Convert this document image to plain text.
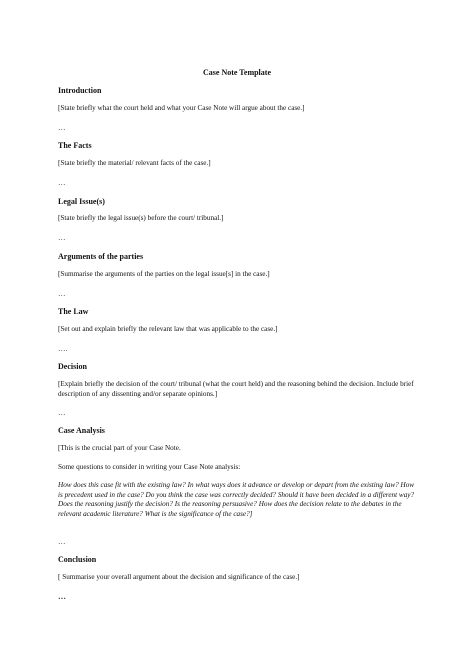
Case Note Template
Introduction
[State briefly what the court held and what your Case Note will argue about the case.]
…
The Facts
[State briefly the material/ relevant facts of the case.]
…
Legal Issue(s)
[State briefly the legal issue(s) before the court/ tribunal.]
…
Arguments of the parties
[Summarise the arguments of the parties on the legal issue[s] in the case.]
…
The Law
[Set out and explain briefly the relevant law that was applicable to the case.]
….
Decision
[Explain briefly the decision of the court/ tribunal (what the court held) and the reasoning behind the decision. Include brief description of any dissenting and/or separate opinions.]
…
Case Analysis
[This is the crucial part of your Case Note.
Some questions to consider in writing your Case Note analysis:
How does this case fit with the existing law? In what ways does it advance or develop or depart from the existing law? How is precedent used in the case? Do you think the case was correctly decided? Should it have been decided in a different way? Does the reasoning justify the decision? Is the reasoning persuasive? How does the decision relate to the debates in the relevant academic literature? What is the significance of the case?]
…
Conclusion
[ Summarise your overall argument about the decision and significance of the case.]
…
